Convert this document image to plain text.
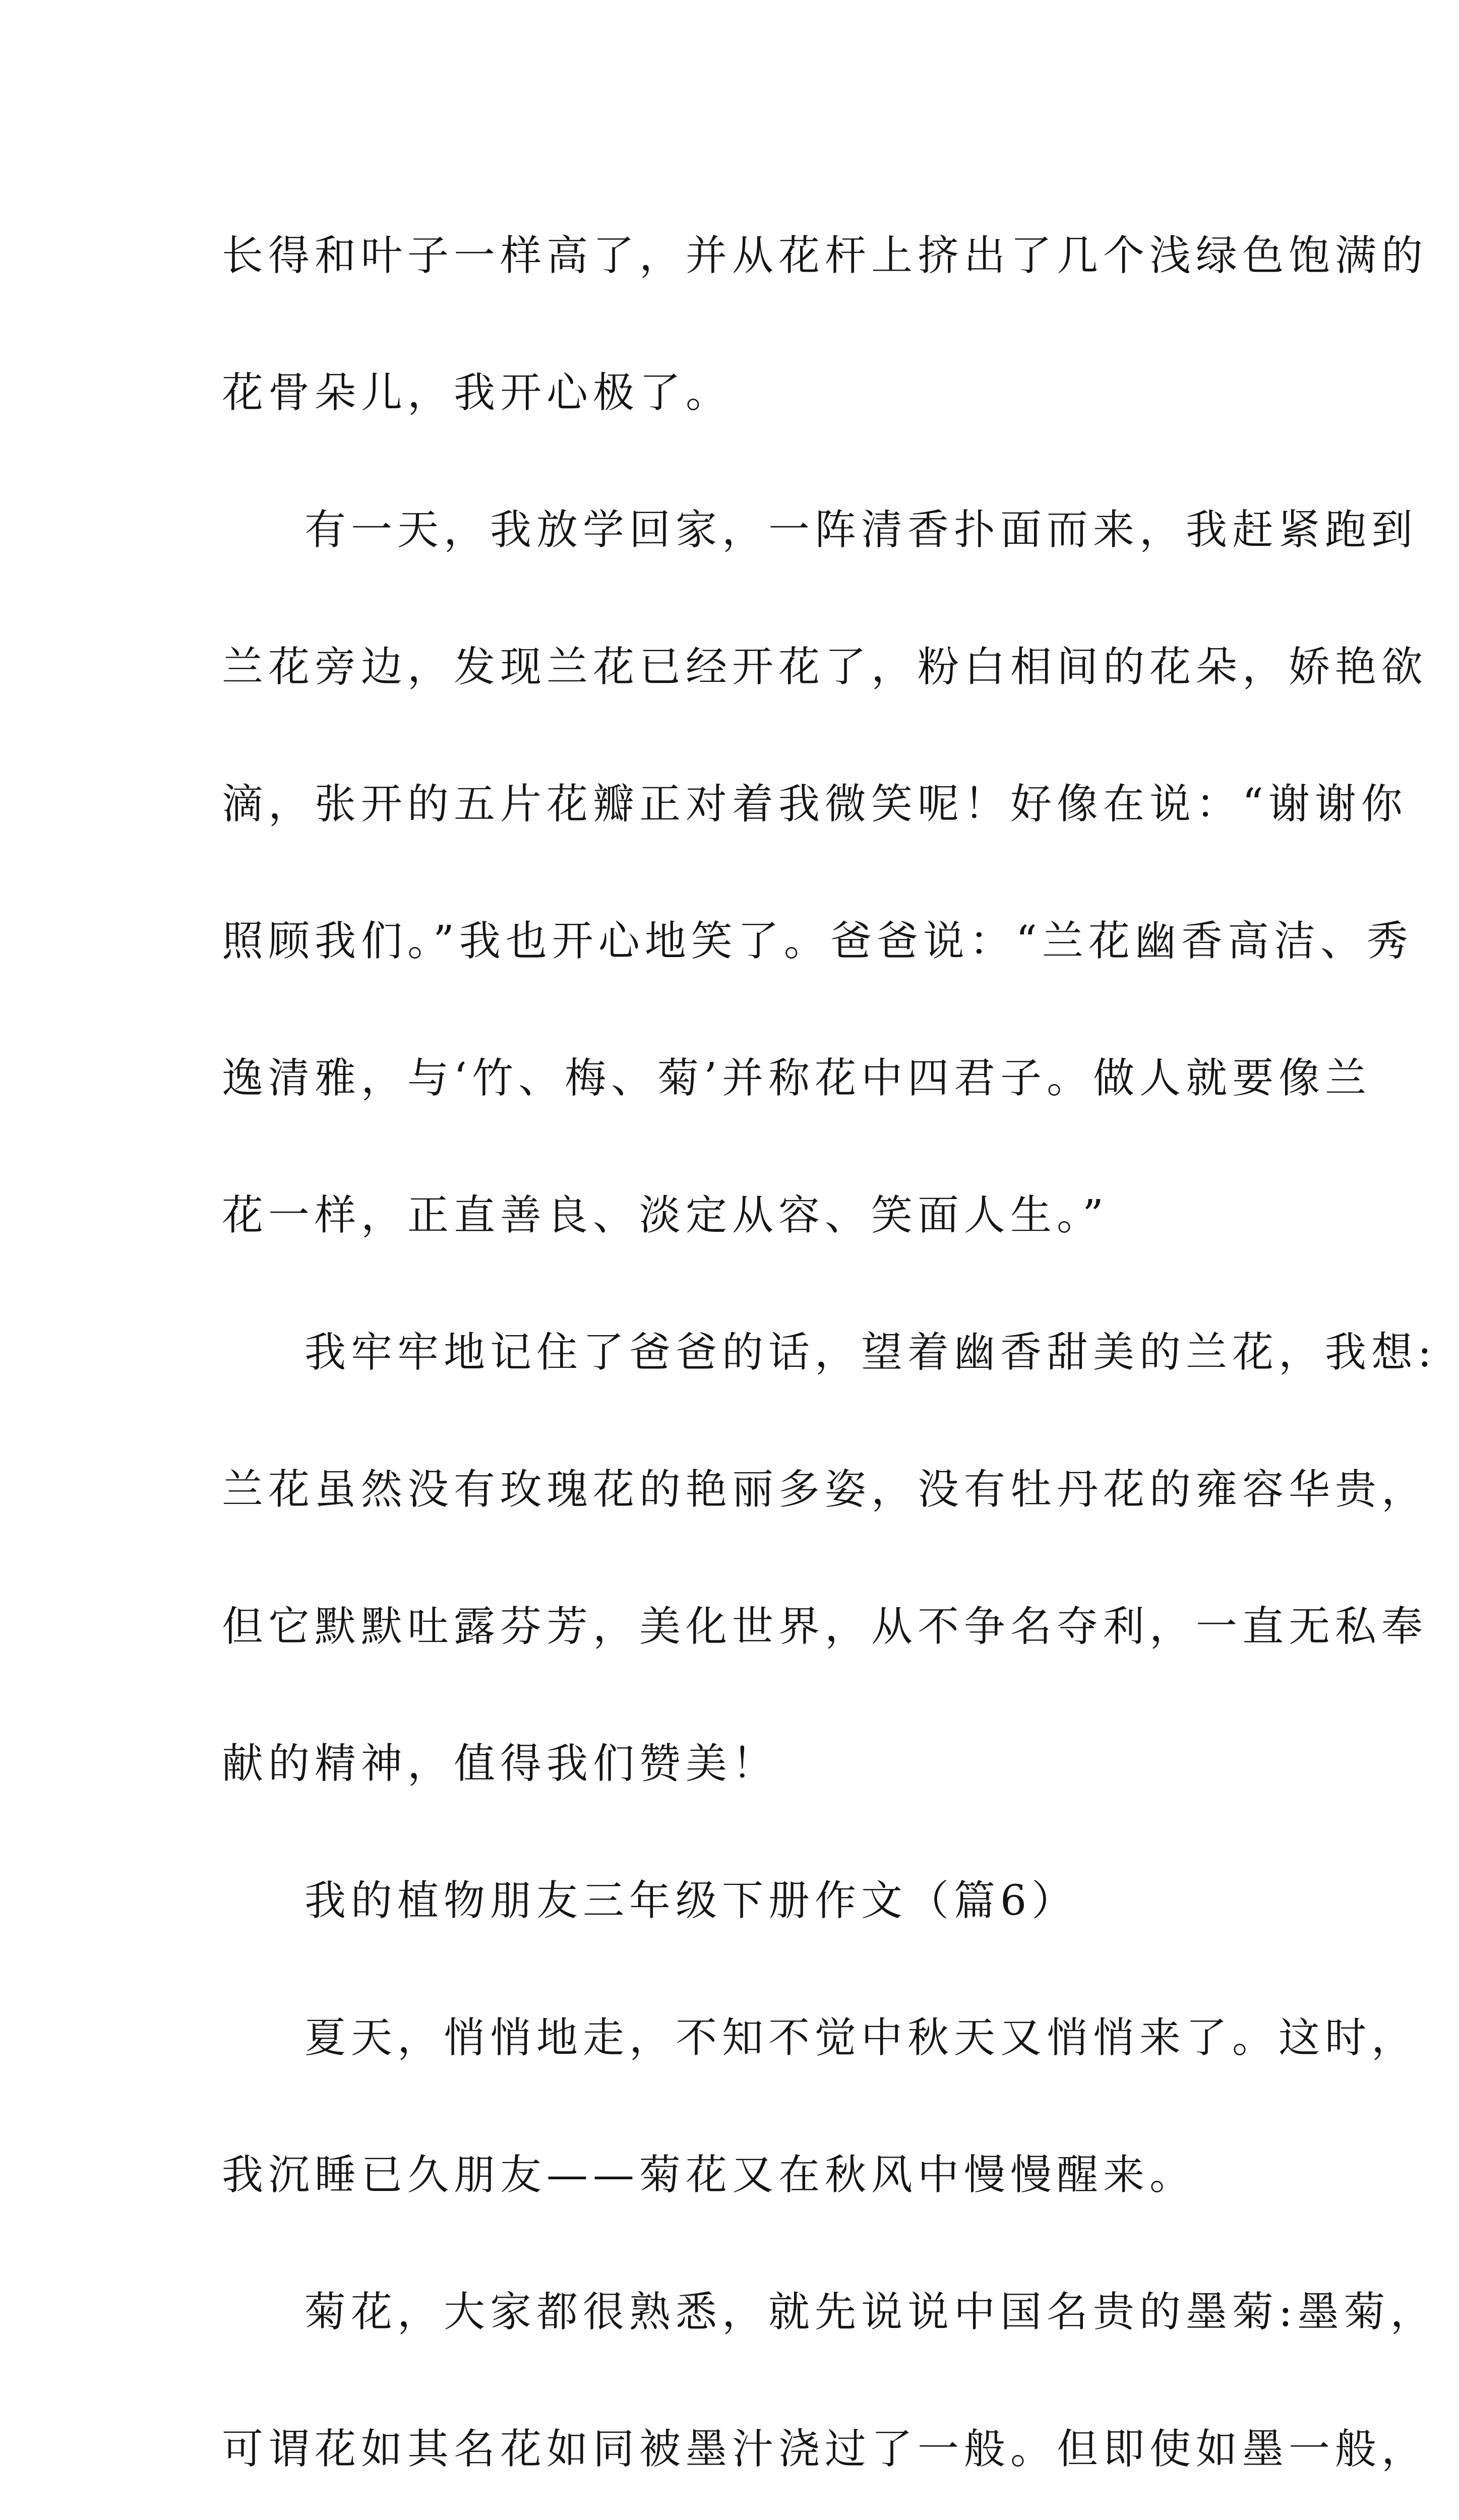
长得和叶子一样高了，并从花杆上挤出了几个浅绿色饱满的
花骨朵儿，我开心极了。
有一天，我放学回家，一阵清香扑面而来，我赶紧跑到
兰花旁边，发现兰花已经开花了，粉白相间的花朵，娇艳欲
滴，张开的五片花瓣正对着我微笑呢！好像在说：“谢谢你
照顾我们。”我也开心地笑了。爸爸说：“兰花幽香高洁、秀
逸清雅，与‘竹、梅、菊’并称花中四君子。做人就要像兰
花一样，正直善良、淡定从容、笑面人生。”
我牢牢地记住了爸爸的话，望着幽香甜美的兰花，我想:
兰花虽然没有玫瑰花的艳丽多姿，没有牡丹花的雍容华贵，
但它默默吐露芬芳，美化世界，从不争名夺利，一直无私奉
献的精神，值得我们赞美！
我的植物朋友三年级下册作文（篇6）
夏天，悄悄地走，不知不觉中秋天又悄悄来了。这时，
我沉睡已久朋友——菊花又在秋风中慢慢醒来。
菊花，大家都很熟悉，就先说说中国名贵的墨菊:墨菊，
可谓花如其名花如同被墨汁浇过了一般。但即使如墨一般，
